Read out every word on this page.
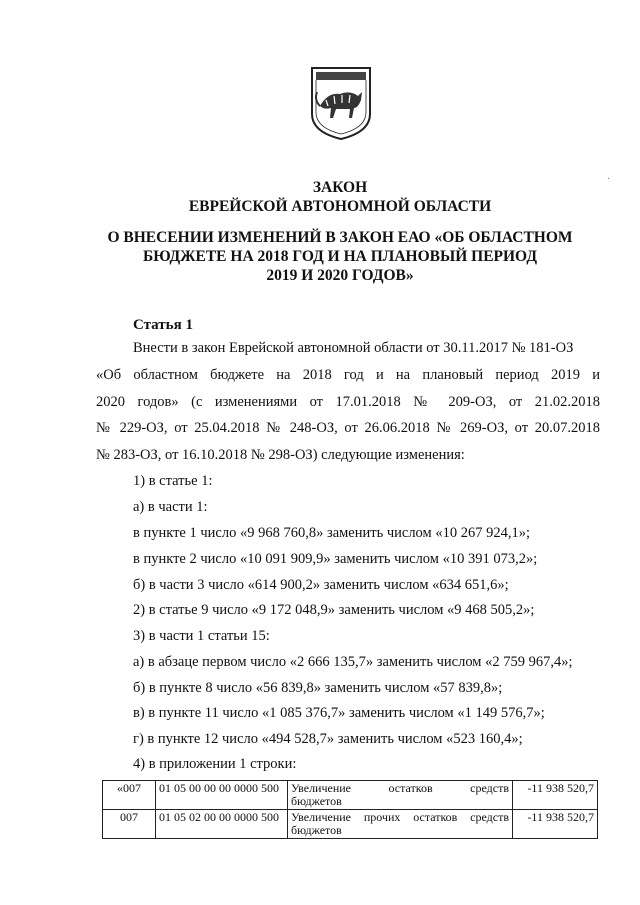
·
ЗАКОН
ЕВРЕЙСКОЙ АВТОНОМНОЙ ОБЛАСТИ
О ВНЕСЕНИИ ИЗМЕНЕНИЙ В ЗАКОН ЕАО «ОБ ОБЛАСТНОМ
БЮДЖЕТЕ НА 2018 ГОД И НА ПЛАНОВЫЙ ПЕРИОД
2019 И 2020 ГОДОВ»
Статья 1
Внести в закон Еврейской автономной области от 30.11.2017 № 181-ОЗ
«Об областном бюджете на 2018 год и на плановый период 2019 и
2020 годов» (с изменениями от 17.01.2018 № 209-ОЗ, от 21.02.2018
№ 229-ОЗ, от 25.04.2018 № 248-ОЗ, от 26.06.2018 № 269-ОЗ, от 20.07.2018
№ 283-ОЗ, от 16.10.2018 № 298-ОЗ) следующие изменения:
1) в статье 1:
а) в части 1:
в пункте 1 число «9 968 760,8» заменить числом «10 267 924,1»;
в пункте 2 число «10 091 909,9» заменить числом «10 391 073,2»;
б) в части 3 число «614 900,2» заменить числом «634 651,6»;
2) в статье 9 число «9 172 048,9» заменить числом «9 468 505,2»;
3) в части 1 статьи 15:
а) в абзаце первом число «2 666 135,7» заменить числом «2 759 967,4»;
б) в пункте 8 число «56 839,8» заменить числом «57 839,8»;
в) в пункте 11 число «1 085 376,7» заменить числом «1 149 576,7»;
г) в пункте 12 число «494 528,7» заменить числом «523 160,4»;
4) в приложении 1 строки:
«007	01 05 00 00 00 0000 500	Увеличение остатков средств
бюджетов	-11 938 520,7
007	01 05 02 00 00 0000 500	Увеличение прочих остатков средств
бюджетов	-11 938 520,7
